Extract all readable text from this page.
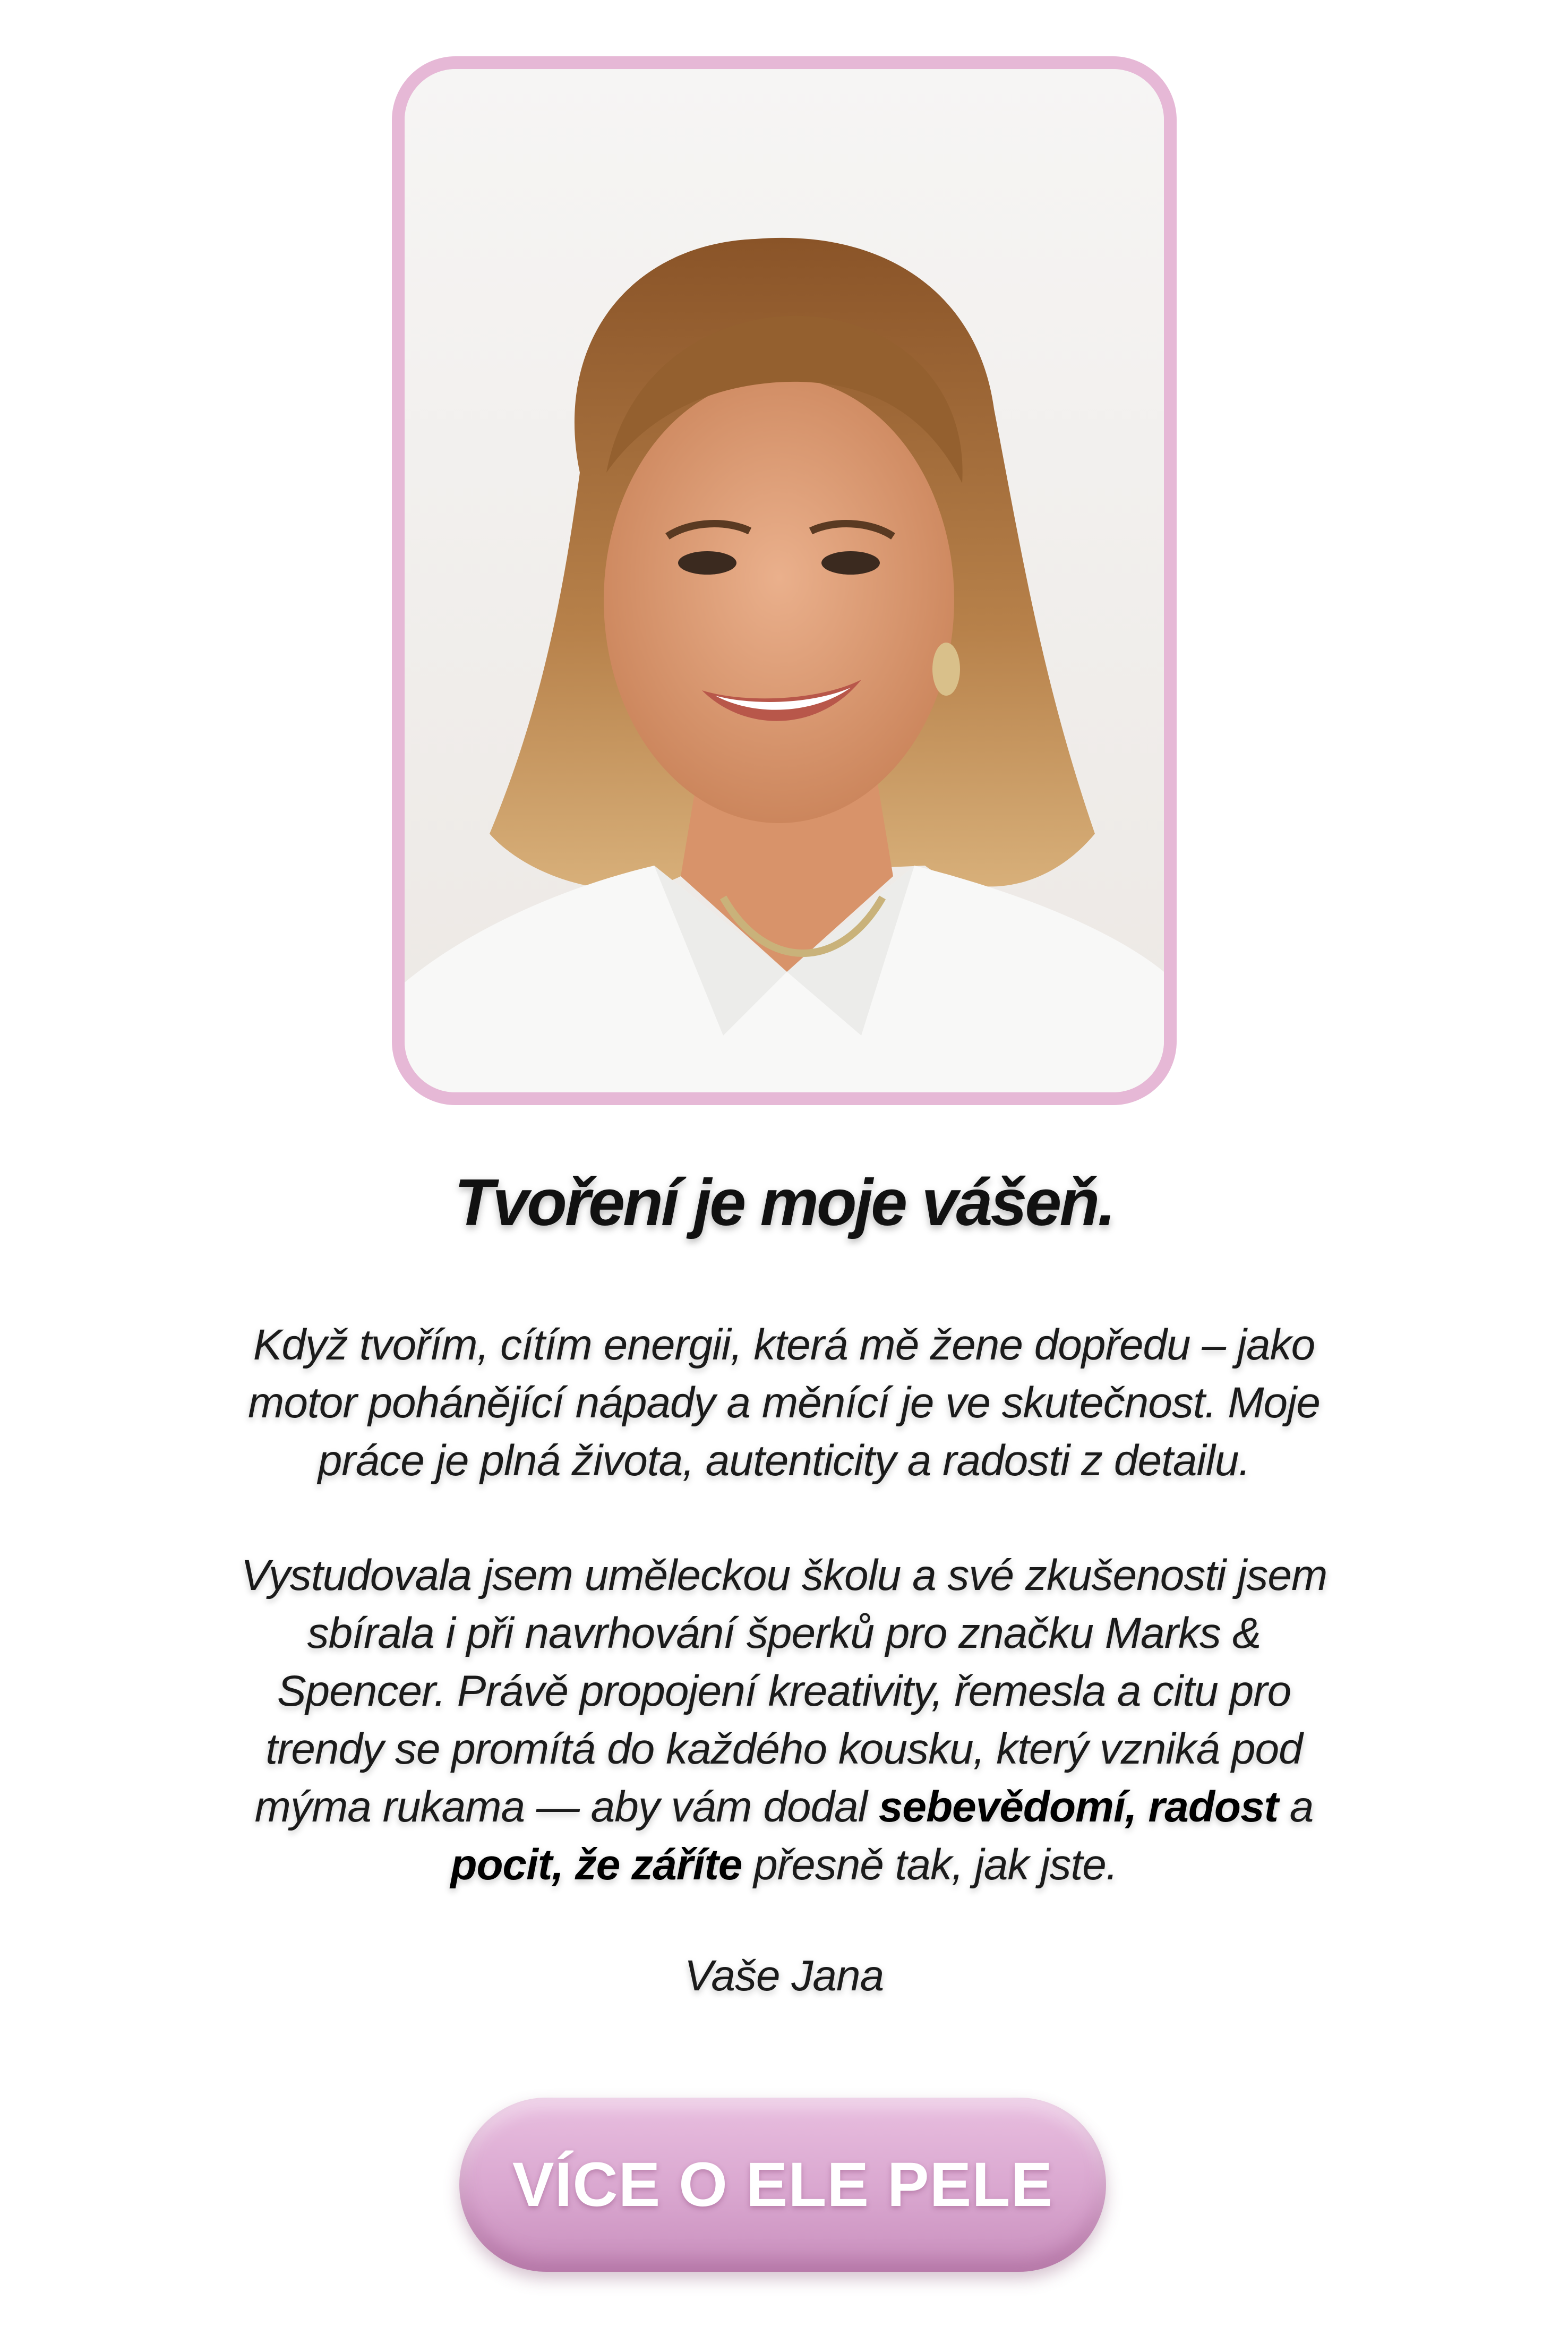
Tvoření je moje vášeň.

Když tvořím, cítím energii, která mě žene dopředu – jako
motor pohánějící nápady a měnící je ve skutečnost. Moje
práce je plná života, autenticity a radosti z detailu.

Vystudovala jsem uměleckou školu a své zkušenosti jsem
sbírala i při navrhování šperků pro značku Marks &
Spencer. Právě propojení kreativity, řemesla a citu pro
trendy se promítá do každého kousku, který vzniká pod
mýma rukama — aby vám dodal sebevědomí, radost a
pocit, že záříte přesně tak, jak jste.

Vaše Jana

VÍCE O ELE PELE
